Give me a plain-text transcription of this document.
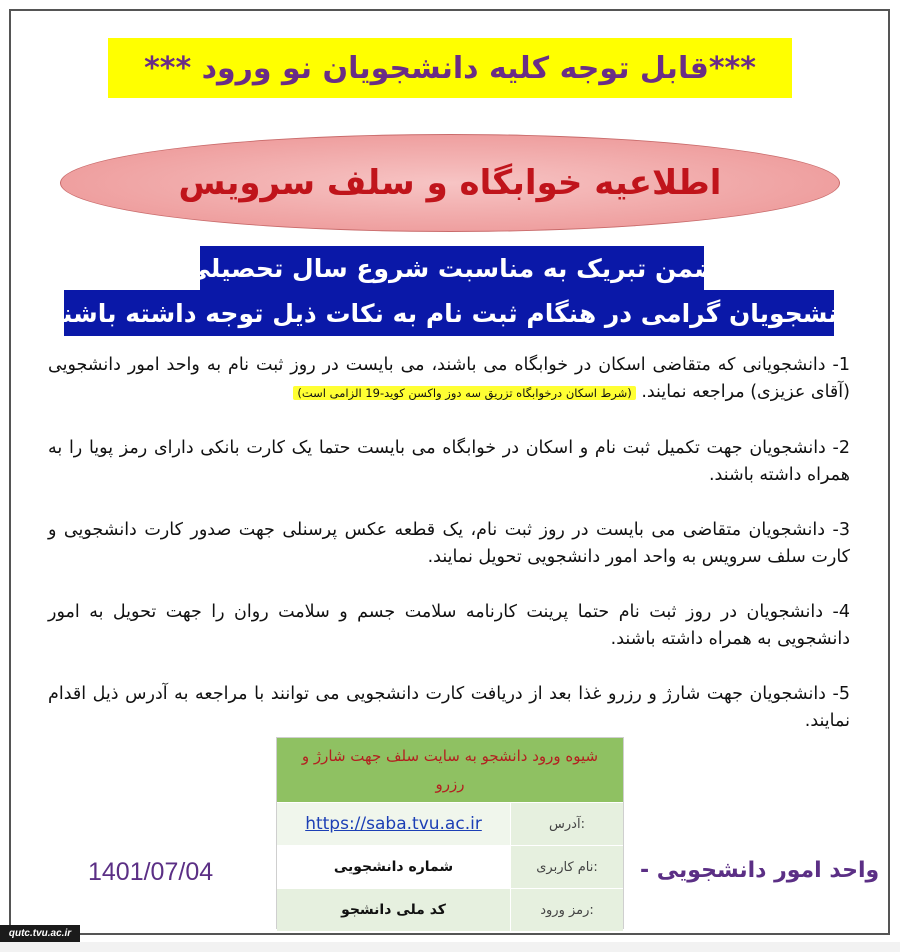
***قابل توجه کلیه دانشجویان نو ورود ***
اطلاعیه خوابگاه و سلف سرویس
ضمن تبریک به مناسبت شروع سال تحصیلی
دانشجویان گرامی در هنگام ثبت نام به نکات ذیل توجه داشته باشند.

1- دانشجویانی که متقاضی اسکان در خوابگاه می باشند، می بایست در روز ثبت نام به واحد امور دانشجویی (آقای عزیزی) مراجعه نمایند. (شرط اسکان درخوابگاه تزریق سه دوز واکسن کوید-19 الزامی است)

2- دانشجویان جهت تکمیل ثبت نام و اسکان در خوابگاه می بایست حتما یک کارت بانکی دارای رمز پویا را به همراه داشته باشند.

3- دانشجویان متقاضی می بایست در روز ثبت نام، یک قطعه عکس پرسنلی جهت صدور کارت دانشجویی و کارت سلف سرویس به واحد امور دانشجویی تحویل نمایند.

4- دانشجویان در روز ثبت نام حتما پرینت کارنامه سلامت جسم و سلامت روان را جهت تحویل به امور دانشجویی به همراه داشته باشند.

5- دانشجویان جهت شارژ و رزرو غذا بعد از دریافت کارت دانشجویی می توانند با مراجعه به آدرس ذیل اقدام نمایند.

شیوه ورود دانشجو به سایت سلف جهت شارژ و رزرو
:آدرس
https://saba.tvu.ac.ir
:نام کاربری
شماره دانشجویی
:رمز ورود
کد ملی دانشجو
1401/07/04	واحد امور دانشجویی -
qutc.tvu.ac.ir
